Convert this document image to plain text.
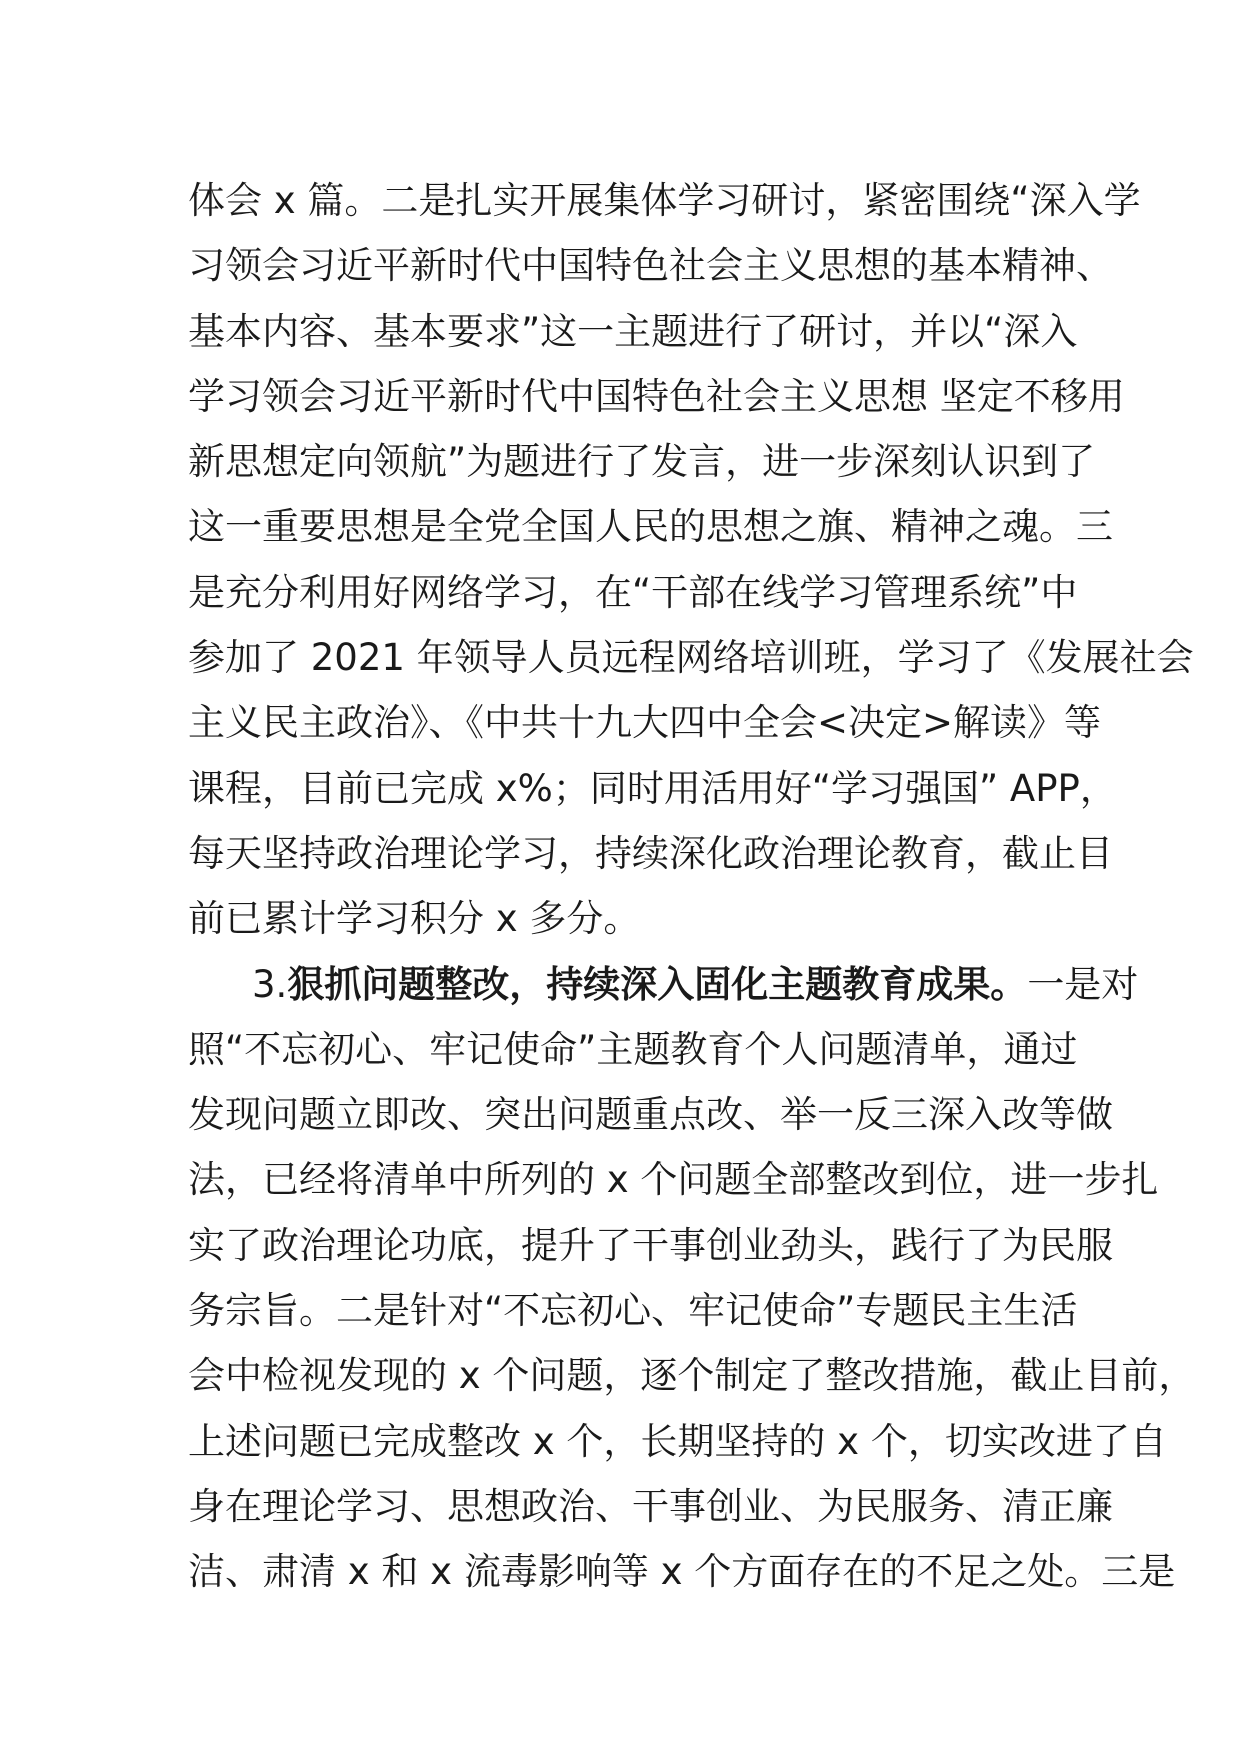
体会 x 篇。二是扎实开展集体学习研讨，紧密围绕“深入学
习领会习近平新时代中国特色社会主义思想的基本精神、
基本内容、基本要求”这一主题进行了研讨，并以“深入
学习领会习近平新时代中国特色社会主义思想 坚定不移用
新思想定向领航”为题进行了发言，进一步深刻认识到了
这一重要思想是全党全国人民的思想之旗、精神之魂。三
是充分利用好网络学习，在“干部在线学习管理系统”中
参加了 2021 年领导人员远程网络培训班，学习了《发展社会
主义民主政治》、《中共十九大四中全会<决定>解读》等
课程，目前已完成 x%；同时用活用好“学习强国” APP，
每天坚持政治理论学习，持续深化政治理论教育，截止目
前已累计学习积分 x 多分。
3.狠抓问题整改，持续深入固化主题教育成果。一是对
照“不忘初心、牢记使命”主题教育个人问题清单，通过
发现问题立即改、突出问题重点改、举一反三深入改等做
法，已经将清单中所列的 x 个问题全部整改到位，进一步扎
实了政治理论功底，提升了干事创业劲头，践行了为民服
务宗旨。二是针对“不忘初心、牢记使命”专题民主生活
会中检视发现的 x 个问题，逐个制定了整改措施，截止目前，
上述问题已完成整改 x 个，长期坚持的 x 个，切实改进了自
身在理论学习、思想政治、干事创业、为民服务、清正廉
洁、肃清 x 和 x 流毒影响等 x 个方面存在的不足之处。三是
